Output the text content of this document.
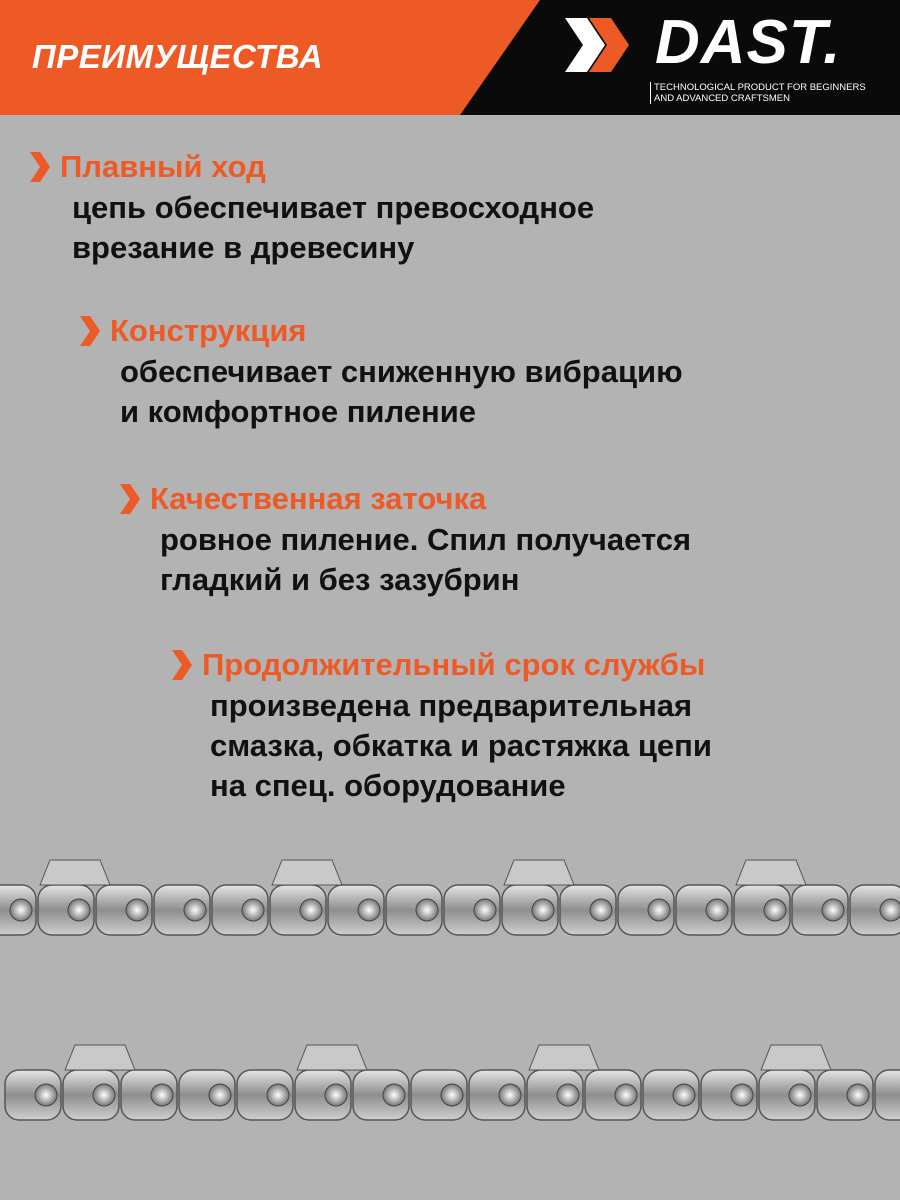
ПРЕИМУЩЕСТВА	DAST.
TECHNOLOGICAL PRODUCT FOR BEGINNERS
AND ADVANCED CRAFTSMEN
Плавный ход
цепь обеспечивает превосходное
врезание в древесину
Конструкция
обеспечивает сниженную вибрацию
и комфортное пиление
Качественная заточка
ровное пиление. Спил получается
гладкий и без зазубрин
Продолжительный срок службы
произведена предварительная
смазка, обкатка и растяжка цепи
на спец. оборудование
